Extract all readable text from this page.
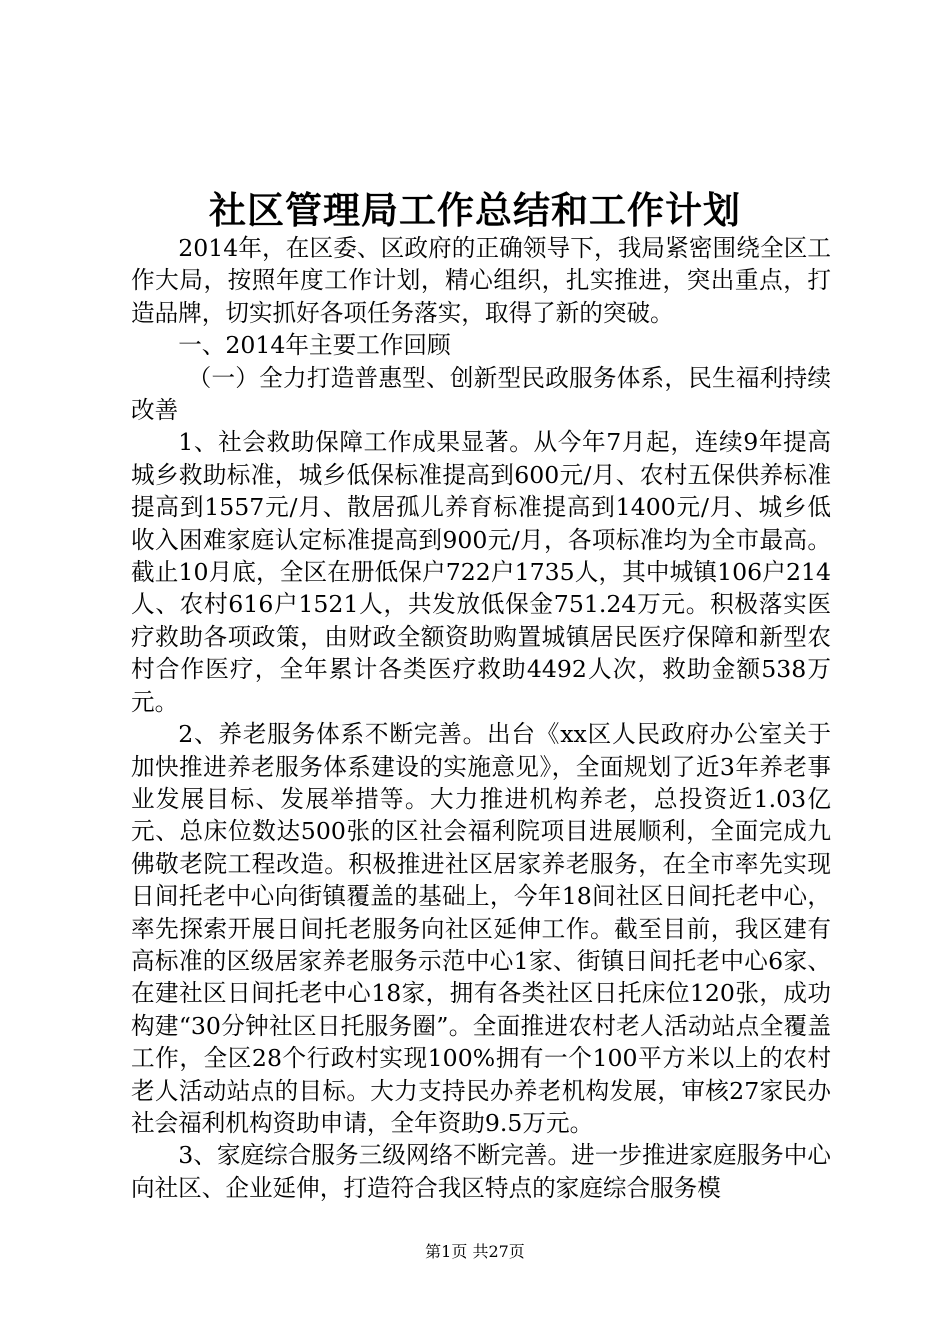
社区管理局工作总结和工作计划

2014年，在区委、区政府的正确领导下，我局紧密围绕全区工作大局，按照年度工作计划，精心组织，扎实推进，突出重点，打造品牌，切实抓好各项任务落实，取得了新的突破。

一、2014年主要工作回顾

（一）全力打造普惠型、创新型民政服务体系，民生福利持续改善

1、社会救助保障工作成果显著。从今年7月起，连续9年提高城乡救助标准，城乡低保标准提高到600元/月、农村五保供养标准提高到1557元/月、散居孤儿养育标准提高到1400元/月、城乡低收入困难家庭认定标准提高到900元/月，各项标准均为全市最高。截止10月底，全区在册低保户722户1735人，其中城镇106户214人、农村616户1521人，共发放低保金751.24万元。积极落实医疗救助各项政策，由财政全额资助购置城镇居民医疗保障和新型农村合作医疗，全年累计各类医疗救助4492人次，救助金额538万元。

2、养老服务体系不断完善。出台《xx区人民政府办公室关于加快推进养老服务体系建设的实施意见》，全面规划了近3年养老事业发展目标、发展举措等。大力推进机构养老，总投资近1.03亿元、总床位数达500张的区社会福利院项目进展顺利，全面完成九佛敬老院工程改造。积极推进社区居家养老服务，在全市率先实现日间托老中心向街镇覆盖的基础上，今年18间社区日间托老中心，率先探索开展日间托老服务向社区延伸工作。截至目前，我区建有高标准的区级居家养老服务示范中心1家、街镇日间托老中心6家、在建社区日间托老中心18家，拥有各类社区日托床位120张，成功构建“30分钟社区日托服务圈”。全面推进农村老人活动站点全覆盖工作，全区28个行政村实现100%拥有一个100平方米以上的农村老人活动站点的目标。大力支持民办养老机构发展，审核27家民办社会福利机构资助申请，全年资助9.5万元。

3、家庭综合服务三级网络不断完善。进一步推进家庭服务中心向社区、企业延伸，打造符合我区特点的家庭综合服务模

第1页 共27页
